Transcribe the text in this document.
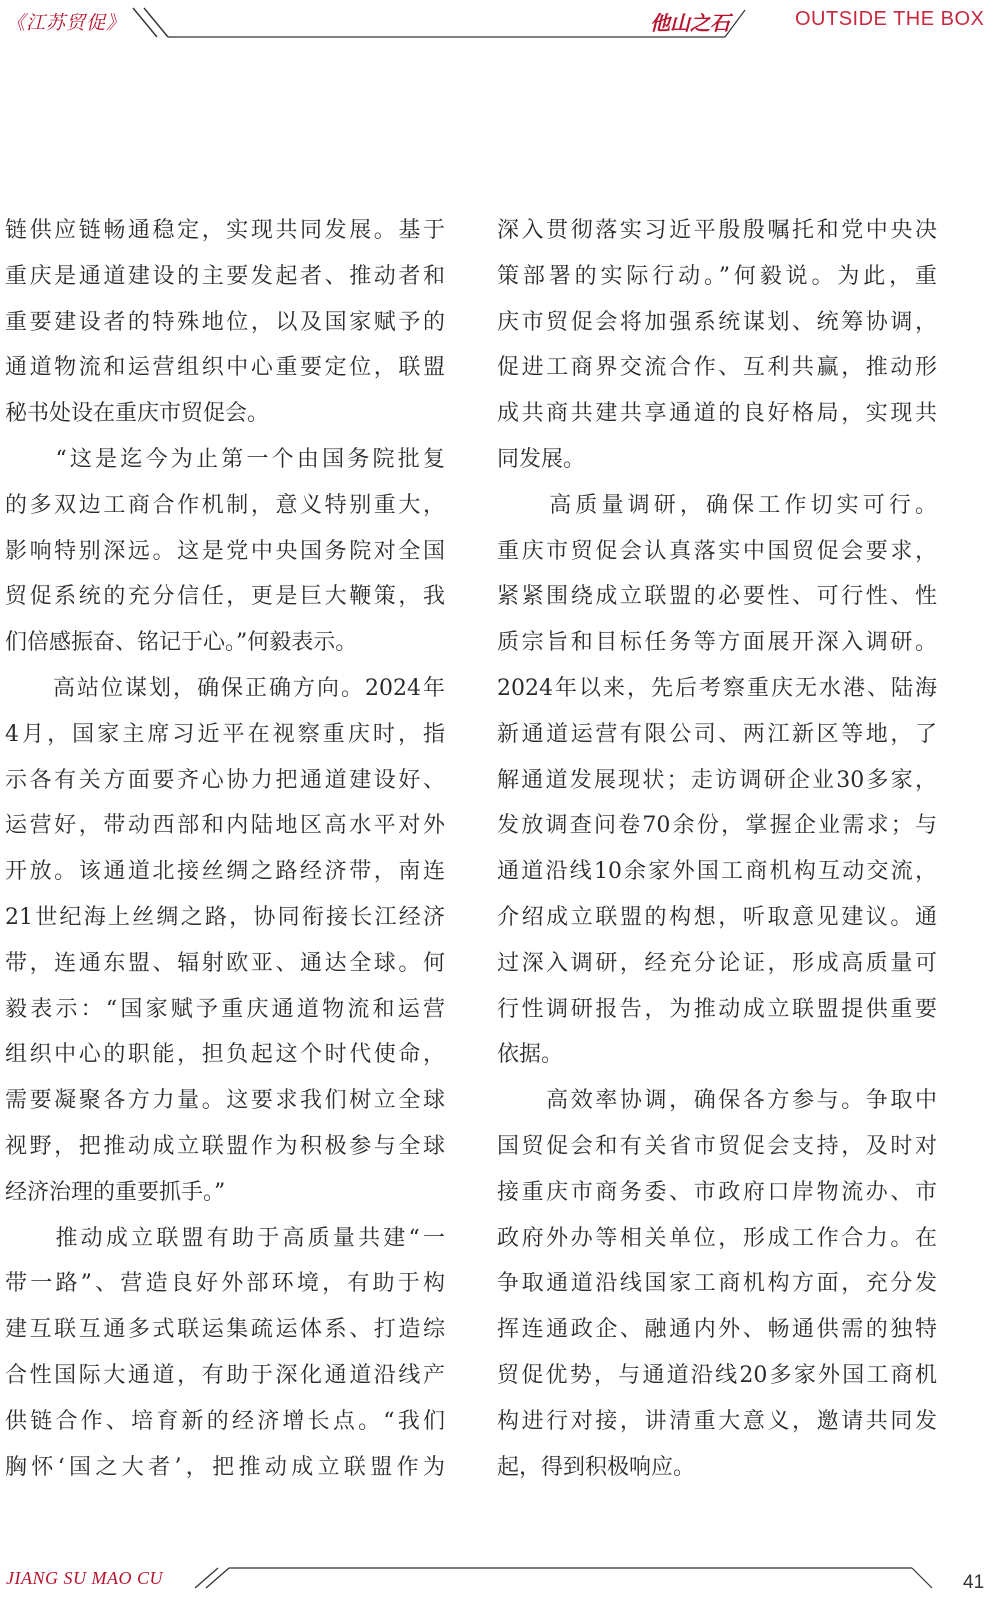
《江苏贸促》	他山之石	OUTSIDE THE BOX
链供应链畅通稳定，实现共同发展。基于
重庆是通道建设的主要发起者、推动者和
重要建设者的特殊地位，以及国家赋予的
通道物流和运营组织中心重要定位，联盟
秘书处设在重庆市贸促会。
　　“这是迄今为止第一个由国务院批复
的多双边工商合作机制，意义特别重大，
影响特别深远。这是党中央国务院对全国
贸促系统的充分信任，更是巨大鞭策，我
们倍感振奋、铭记于心。”何毅表示。
　　高站位谋划，确保正确方向。2024年
4月，国家主席习近平在视察重庆时，指
示各有关方面要齐心协力把通道建设好、
运营好，带动西部和内陆地区高水平对外
开放。该通道北接丝绸之路经济带，南连
21世纪海上丝绸之路，协同衔接长江经济
带，连通东盟、辐射欧亚、通达全球。何
毅表示：“国家赋予重庆通道物流和运营
组织中心的职能，担负起这个时代使命，
需要凝聚各方力量。这要求我们树立全球
视野，把推动成立联盟作为积极参与全球
经济治理的重要抓手。”
　　推动成立联盟有助于高质量共建“一
带一路”、营造良好外部环境，有助于构
建互联互通多式联运集疏运体系、打造综
合性国际大通道，有助于深化通道沿线产
供链合作、培育新的经济增长点。“我们
胸怀‘国之大者’，把推动成立联盟作为
深入贯彻落实习近平殷殷嘱托和党中央决
策部署的实际行动。”何毅说。为此，重
庆市贸促会将加强系统谋划、统筹协调，
促进工商界交流合作、互利共赢，推动形
成共商共建共享通道的良好格局，实现共
同发展。
　　高质量调研，确保工作切实可行。
重庆市贸促会认真落实中国贸促会要求，
紧紧围绕成立联盟的必要性、可行性、性
质宗旨和目标任务等方面展开深入调研。
2024年以来，先后考察重庆无水港、陆海
新通道运营有限公司、两江新区等地，了
解通道发展现状；走访调研企业30多家，
发放调查问卷70余份，掌握企业需求；与
通道沿线10余家外国工商机构互动交流，
介绍成立联盟的构想，听取意见建议。通
过深入调研，经充分论证，形成高质量可
行性调研报告，为推动成立联盟提供重要
依据。
　　高效率协调，确保各方参与。争取中
国贸促会和有关省市贸促会支持，及时对
接重庆市商务委、市政府口岸物流办、市
政府外办等相关单位，形成工作合力。在
争取通道沿线国家工商机构方面，充分发
挥连通政企、融通内外、畅通供需的独特
贸促优势，与通道沿线20多家外国工商机
构进行对接，讲清重大意义，邀请共同发
起，得到积极响应。
JIANG SU MAO CU	41
